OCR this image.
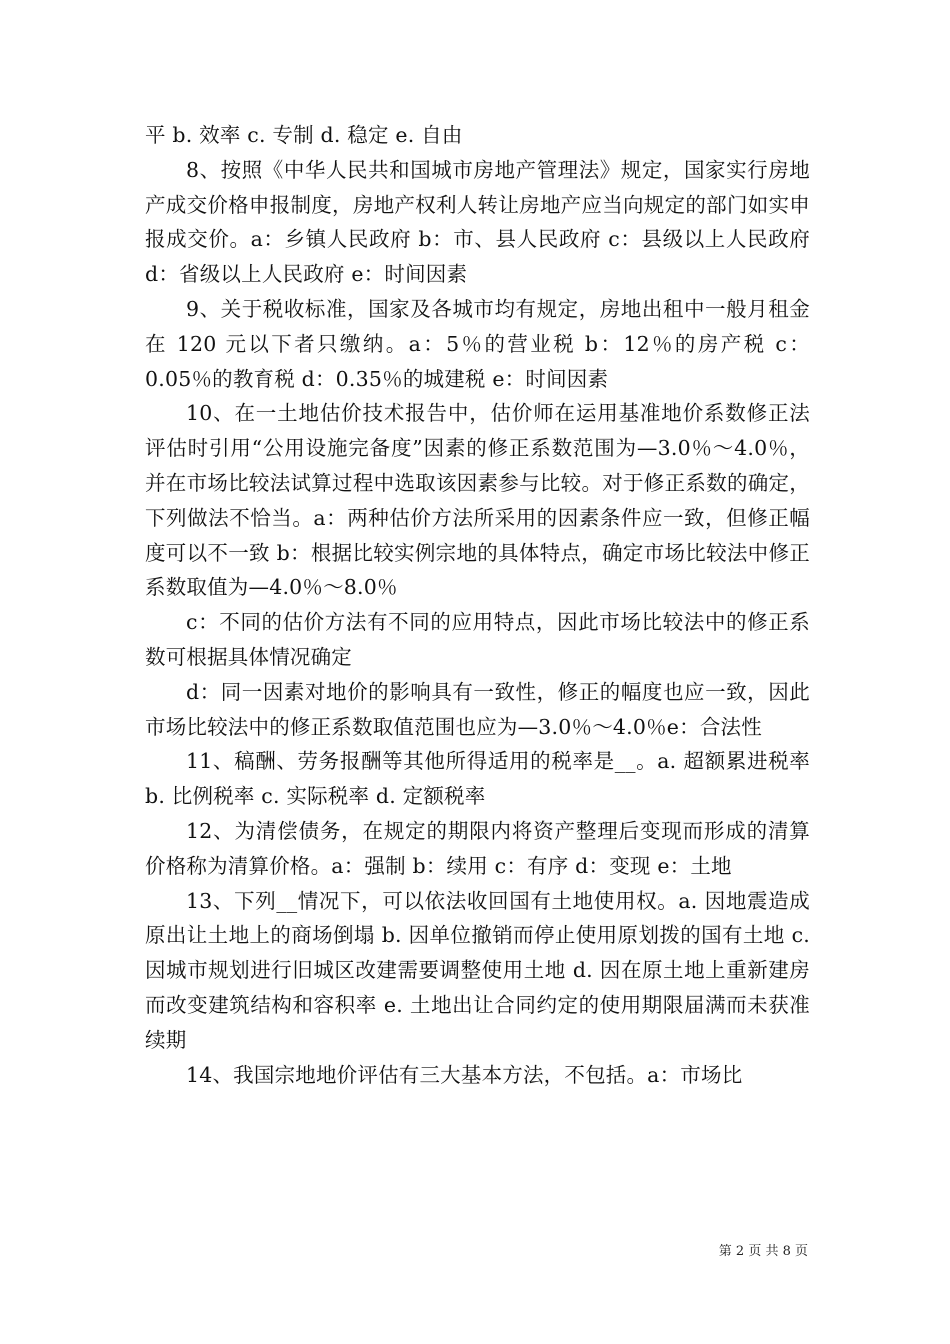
平 b. 效率 c. 专制 d. 稳定 e. 自由

8、按照《中华人民共和国城市房地产管理法》规定，国家实行房地产成交价格申报制度，房地产权利人转让房地产应当向规定的部门如实申报成交价。a：乡镇人民政府 b：市、县人民政府 c：县级以上人民政府 d：省级以上人民政府 e：时间因素

9、关于税收标准，国家及各城市均有规定，房地出租中一般月租金在 120 元以下者只缴纳。a：5％的营业税 b：12％的房产税 c：0.05％的教育税 d：0.35％的城建税 e：时间因素

10、在一土地估价技术报告中，估价师在运用基准地价系数修正法评估时引用“公用设施完备度”因素的修正系数范围为—3.0％～4.0％，并在市场比较法试算过程中选取该因素参与比较。对于修正系数的确定，下列做法不恰当。a：两种估价方法所采用的因素条件应一致，但修正幅度可以不一致 b：根据比较实例宗地的具体特点，确定市场比较法中修正系数取值为—4.0％～8.0％

c：不同的估价方法有不同的应用特点，因此市场比较法中的修正系数可根据具体情况确定

d：同一因素对地价的影响具有一致性，修正的幅度也应一致，因此市场比较法中的修正系数取值范围也应为—3.0％～4.0％e：合法性

11、稿酬、劳务报酬等其他所得适用的税率是__。a. 超额累进税率 b. 比例税率 c. 实际税率 d. 定额税率

12、为清偿债务，在规定的期限内将资产整理后变现而形成的清算价格称为清算价格。a：强制 b：续用 c：有序 d：变现 e：土地

13、下列__情况下，可以依法收回国有土地使用权。a. 因地震造成原出让土地上的商场倒塌 b. 因单位撤销而停止使用原划拨的国有土地 c. 因城市规划进行旧城区改建需要调整使用土地 d. 因在原土地上重新建房而改变建筑结构和容积率 e. 土地出让合同约定的使用期限届满而未获准续期

14、我国宗地地价评估有三大基本方法，不包括。a：市场比

第 2 页 共 8 页
